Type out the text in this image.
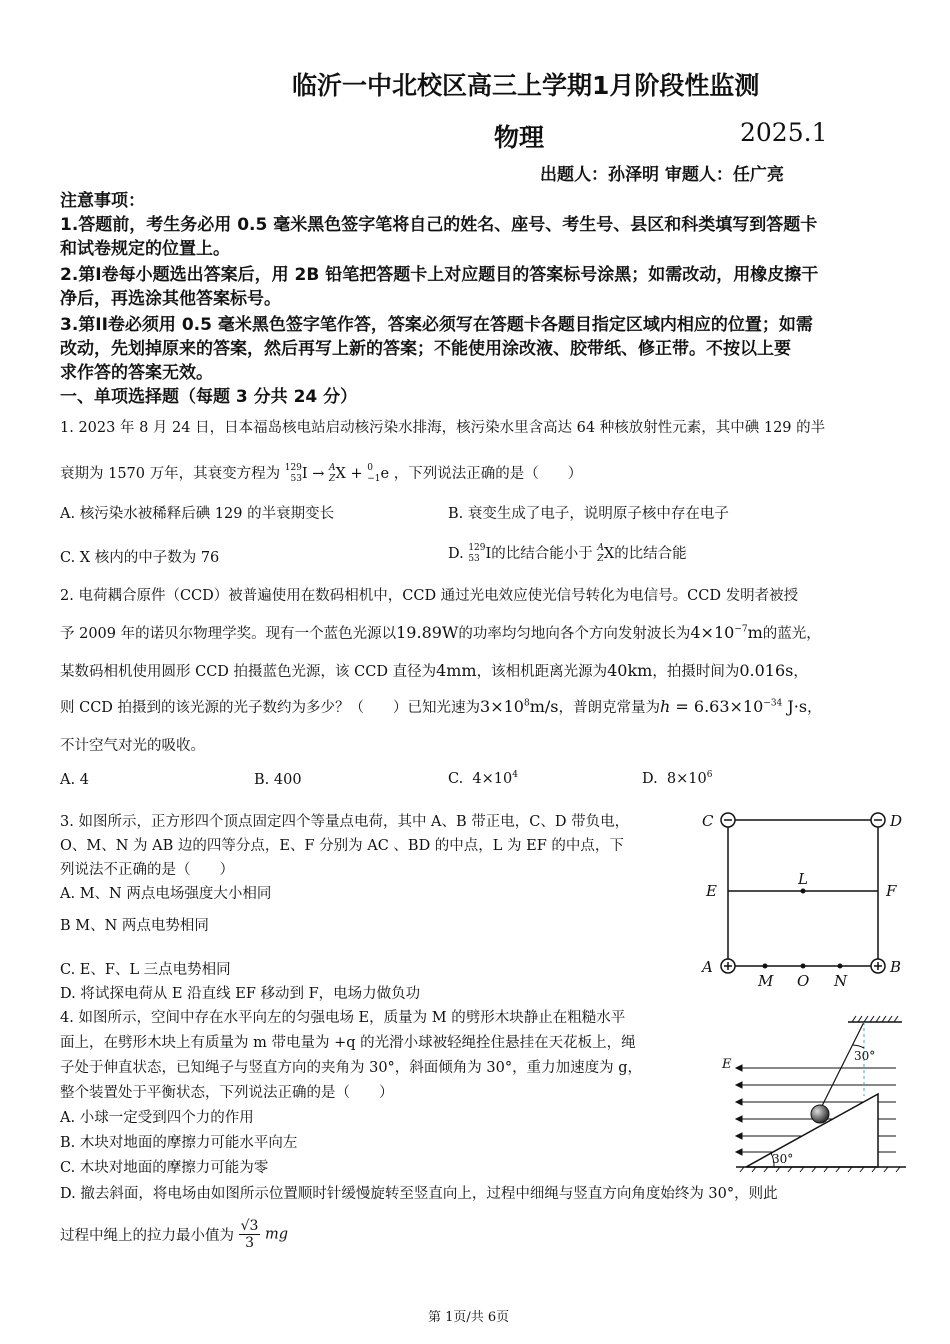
临沂一中北校区高三上学期1月阶段性监测
物理	2025.1
出题人：孙泽明 审题人：任广亮
注意事项：
1.答题前，考生务必用 0.5 毫米黑色签字笔将自己的姓名、座号、考生号、县区和科类填写到答题卡
和试卷规定的位置上。
2.第Ⅰ卷每小题选出答案后，用 2B 铅笔把答题卡上对应题目的答案标号涂黑；如需改动，用橡皮擦干
净后，再选涂其他答案标号。
3.第II卷必须用 0.5 毫米黑色签字笔作答，答案必须写在答题卡各题目指定区域内相应的位置；如需
改动，先划掉原来的答案，然后再写上新的答案；不能使用涂改液、胶带纸、修正带。不按以上要
求作答的答案无效。
一、单项选择题（每题 3 分共 24 分）
1. 2023 年 8 月 24 日，日本福岛核电站启动核污染水排海，核污染水里含高达 64 种核放射性元素，其中碘 129 的半
衰期为 1570 万年，其衰变方程为 129
53I → A
ZX + 0
−1e ，下列说法正确的是（　　）
A. 核污染水被稀释后碘 129 的半衰期变长	B. 衰变生成了电子，说明原子核中存在电子
C. X 核内的中子数为 76	D. 129
53 I的比结合能小于 A
ZX的比结合能
2. 电荷耦合原件（CCD）被普遍使用在数码相机中，CCD 通过光电效应使光信号转化为电信号。CCD 发明者被授
予 2009 年的诺贝尔物理学奖。现有一个蓝色光源以19.89W的功率均匀地向各个方向发射波长为$4\times 10^{-7}m$的蓝光，
某数码相机使用圆形 CCD 拍摄蓝色光源，该 CCD 直径为4mm，该相机距离光源为40km，拍摄时间为0.016s，
则 CCD 拍摄到的该光源的光子数约为多少？（　　）已知光速为$3\times 10^8m/s$，普朗克常量为$h = 6.63\times 10^{-34}$ J·s，
不计空气对光的吸收。
A. 4	B. 400	C.  $4\times 10^4$	D.  $8\times 10^6$
3. 如图所示，正方形四个顶点固定四个等量点电荷，其中 A、B 带正电，C、D 带负电，
O、M、N 为 AB 边的四等分点，E、F 分别为 AC 、BD 的中点，L 为 EF 的中点，下
列说法不正确的是（　　）
A. M、N 两点电场强度大小相同
B M、N 两点电势相同
C. E、F、L 三点电势相同
D. 将试探电荷从 E 沿直线 EF 移动到 F，电场力做负功
C	D
E	F
L
A	B
M O N
4. 如图所示，空间中存在水平向左的匀强电场 E，质量为 M 的劈形木块静止在粗糙水平
面上，在劈形木块上有质量为 m 带电量为 +q 的光滑小球被轻绳拴住悬挂在天花板上，绳
子处于伸直状态，已知绳子与竖直方向的夹角为 30°，斜面倾角为 30°，重力加速度为 g，
整个装置处于平衡状态，下列说法正确的是（　　）
A. 小球一定受到四个力的作用
B. 木块对地面的摩擦力可能水平向左
C. 木块对地面的摩擦力可能为零
D. 撤去斜面，将电场由如图所示位置顺时针缓慢旋转至竖直向上，过程中细绳与竖直方向角度始终为 30°，则此
过程中绳上的拉力最小值为 $\frac{√3}{3}$ mg
E
30°
30°
第 1页/共 6页
